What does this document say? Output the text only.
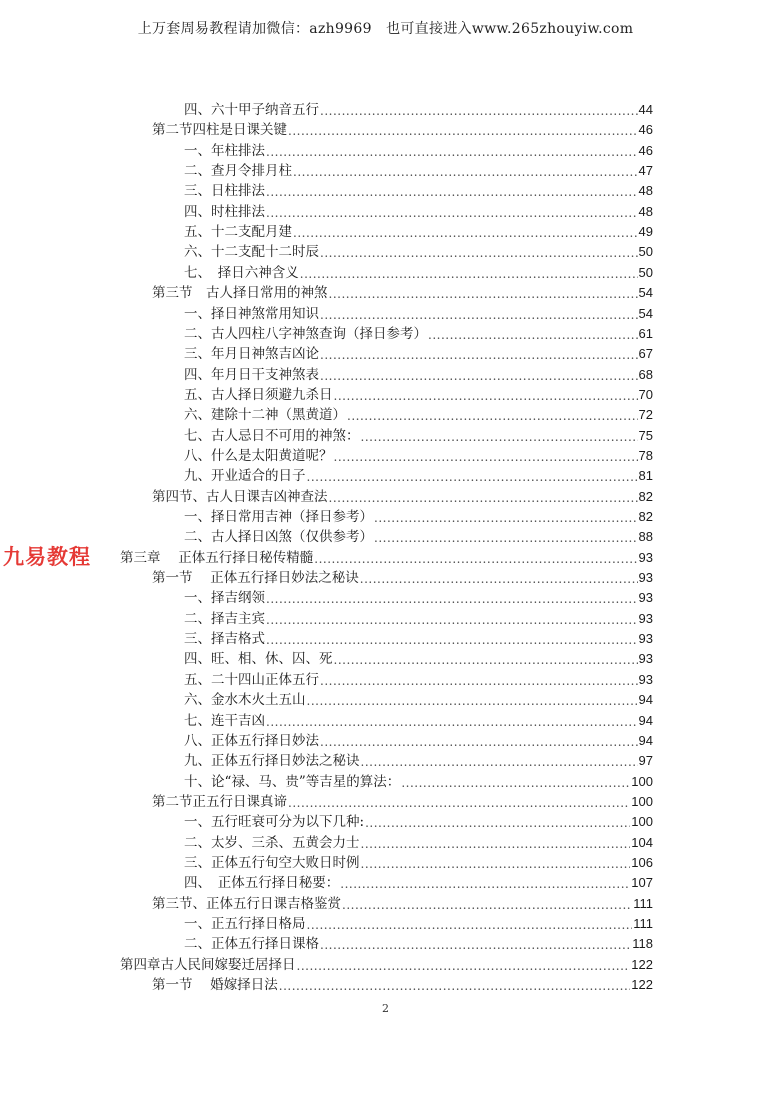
上万套周易教程请加微信：azh9969　也可直接进入www.265zhouyiw.com
九易教程
四、六十甲子纳音五行 .....	44
第二节四柱是日课关键 .....	46
一、年柱排法 .....	46
二、查月令排月柱 .....	47
三、日柱排法 .....	48
四、时柱排法 .....	48
五、十二支配月建 .....	49
六、十二支配十二时辰 .....	50
七、　择日六神含义 .....	50
第三节　古人择日常用的神煞 .....	54
一、择日神煞常用知识 .....	54
二、古人四柱八字神煞查询（择日参考） .....	61
三、年月日神煞吉凶论 .....	67
四、年月日干支神煞表 .....	68
五、古人择日须避九杀日 .....	70
六、建除十二神（黑黄道） .....	72
七、古人忌日不可用的神煞： .....	75
八、什么是太阳黄道呢？ .....	78
九、开业适合的日子 .....	81
第四节、古人日课吉凶神查法 .....	82
一、择日常用吉神（择日参考） .....	82
二、古人择日凶煞（仅供参考） .....	88
第三章　 正体五行择日秘传精髓 .....	93
第一节　 正体五行择日妙法之秘诀 .....	93
一、择吉纲领 .....	93
二、择吉主宾 .....	93
三、择吉格式 .....	93
四、旺、相、休、囚、死 .....	93
五、二十四山正体五行 .....	93
六、金水木火土五山 .....	94
七、连干吉凶 .....	94
八、正体五行择日妙法 .....	94
九、正体五行择日妙法之秘诀 .....	97
十、论“禄、马、贵”等吉星的算法： .....	100
第二节正五行日课真谛 .....	100
一、五行旺衰可分为以下几种: .....	100
二、太岁、三杀、五黄会力士 .....	104
三、正体五行旬空大败日时例 .....	106
四、　正体五行择日秘要： .....	107
第三节、正体五行日课吉格鉴赏 .....	111
一、正五行择日格局 .....	111
二、正体五行择日课格 .....	118
第四章古人民间嫁娶迁居择日 .....	122
第一节　 婚嫁择日法 .....	122
2
